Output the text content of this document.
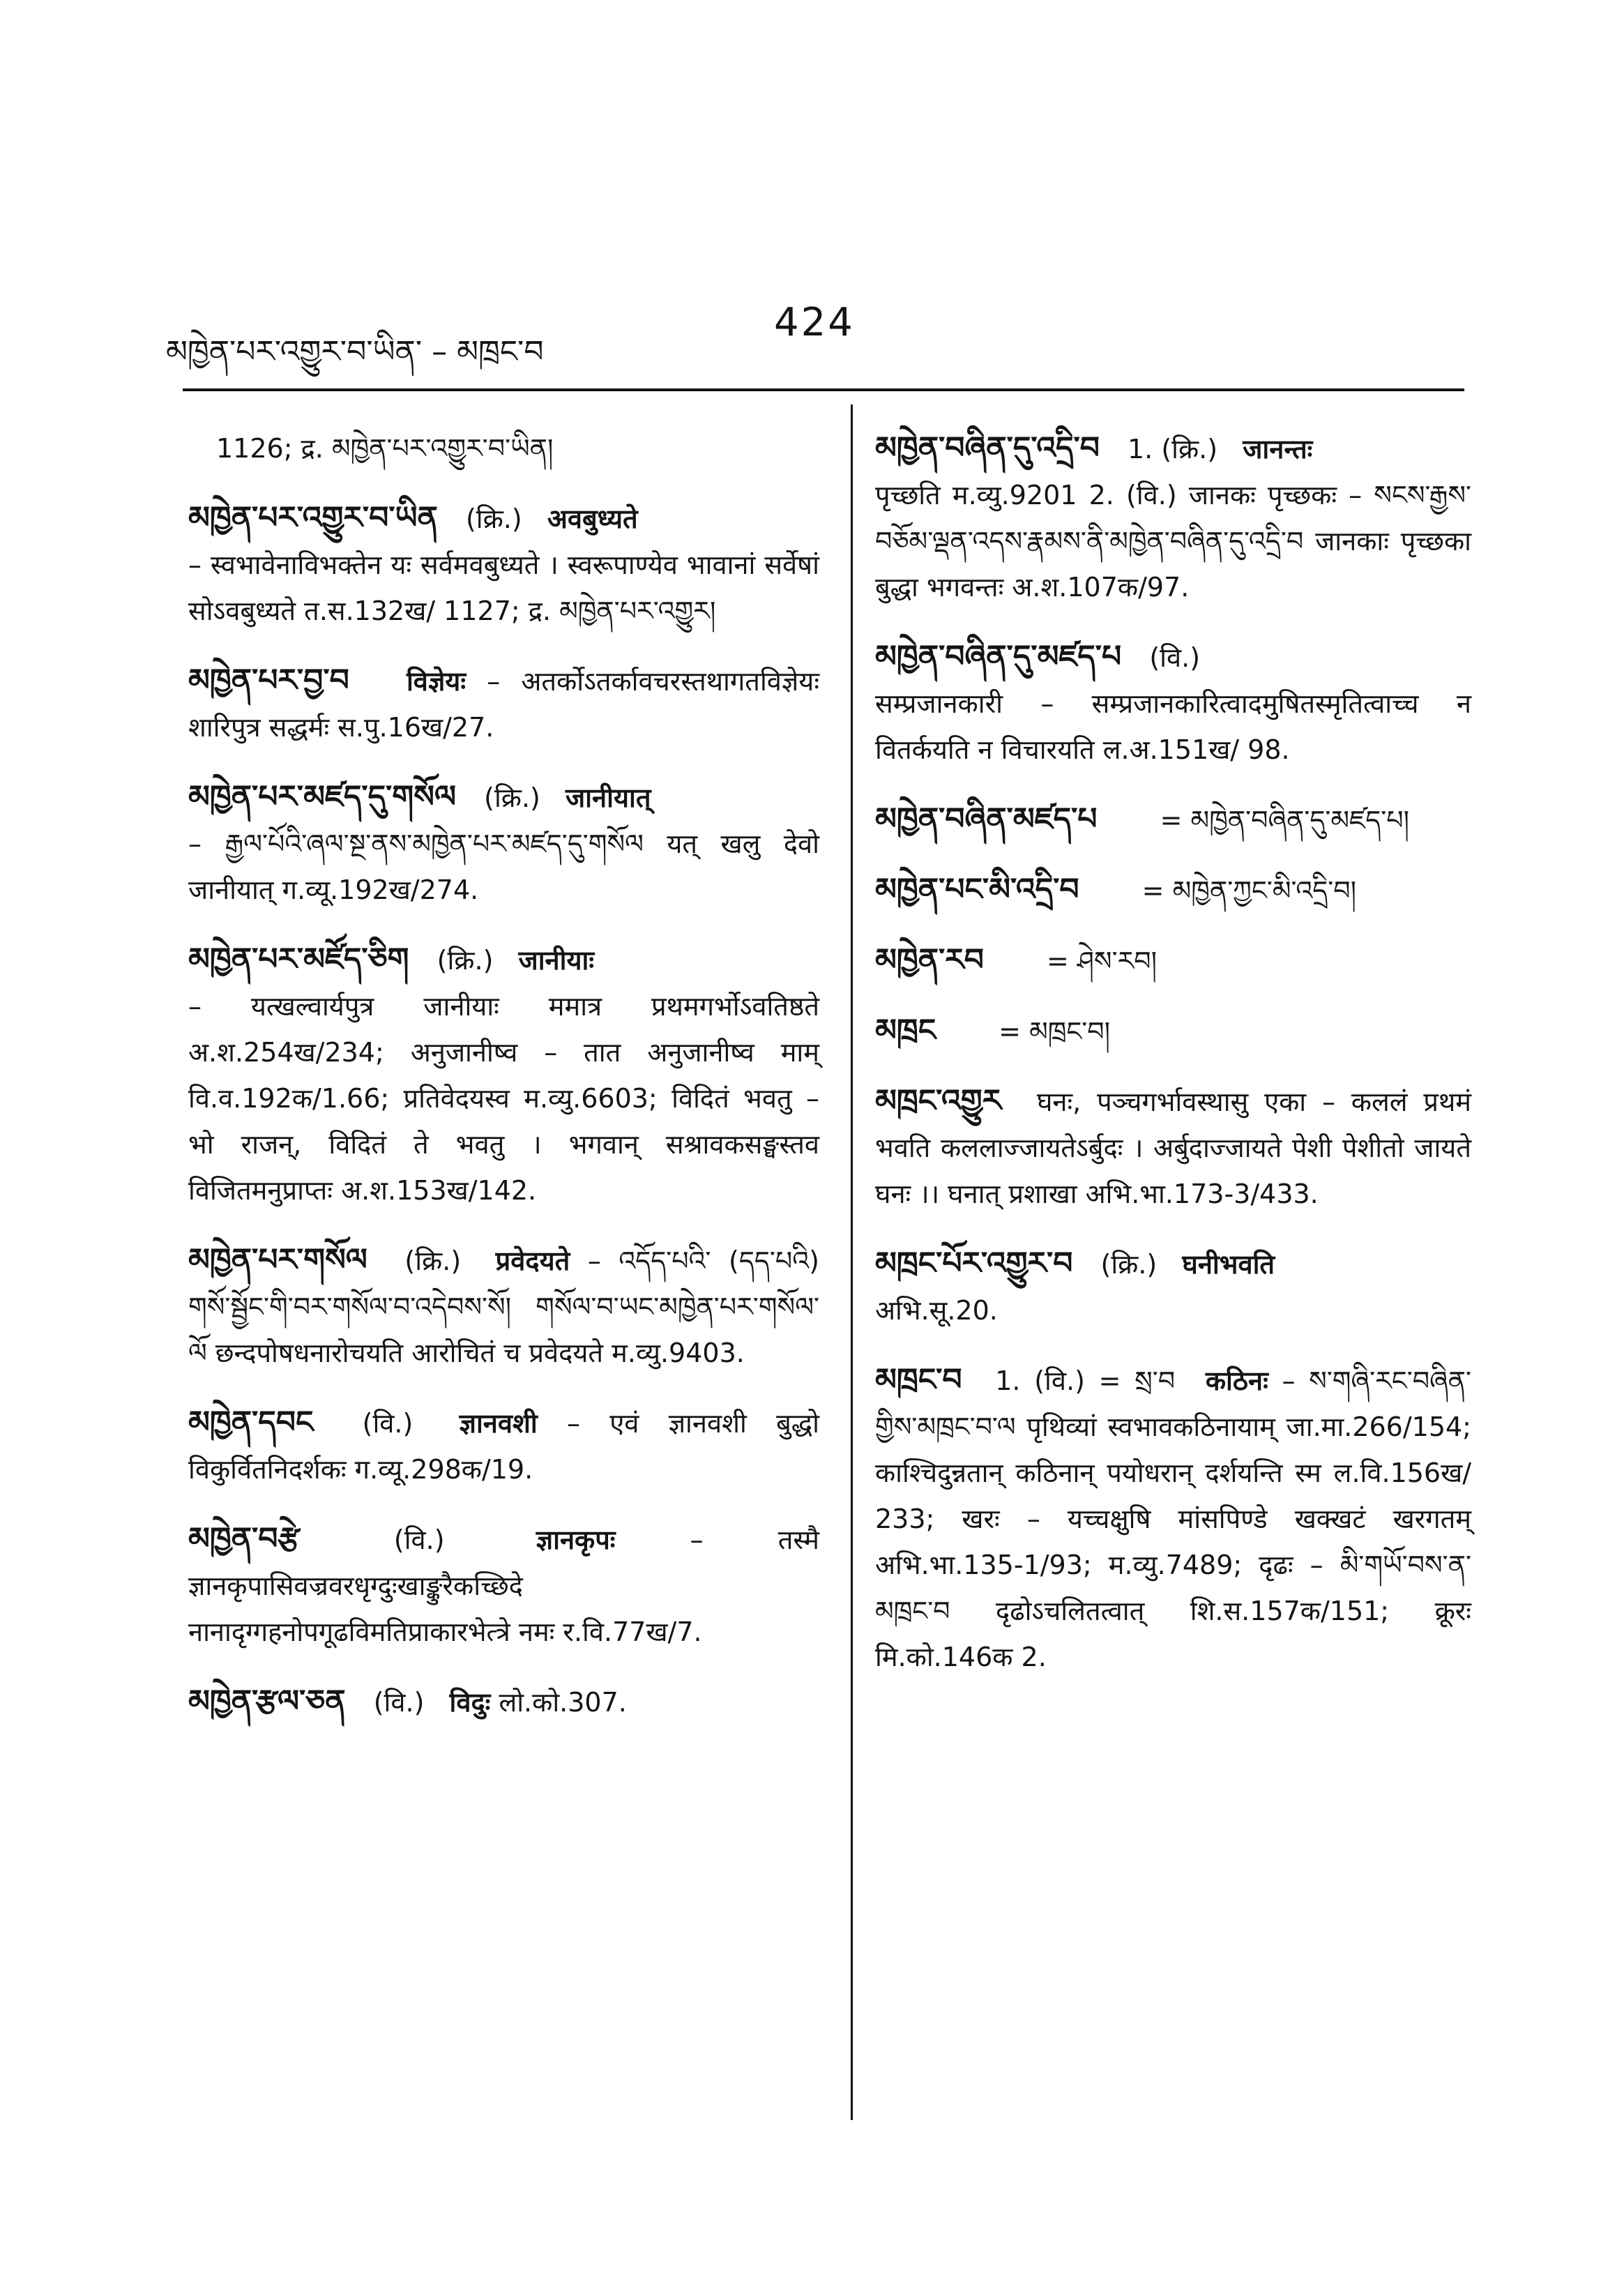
མཁྱེན་པར་འགྱུར་བ་ཡིན་ – མཁྲང་བ
424

1126; द्र. མཁྱེན་པར་འགྱུར་བ་ཡིན།

མཁྱེན་པར་འགྱུར་བ་ཡིན (क्रि.) अवबुध्यते
– स्वभावेनाविभक्तेन यः सर्वमवबुध्यते । स्वरूपाण्येव भावानां सर्वेषां सोऽवबुध्यते त.स.132ख/ 1127; द्र. མཁྱེན་པར་འགྱུར།

མཁྱེན་པར་བྱ་བ विज्ञेयः – अतर्कोऽतर्कावचरस्तथागतविज्ञेयः शारिपुत्र सद्धर्मः स.पु.16ख/27.

མཁྱེན་པར་མཛད་དུ་གསོལ (क्रि.) जानीयात्
– རྒྱལ་པོའི་ཞལ་སྔ་ནས་མཁྱེན་པར་མཛད་དུ་གསོལ यत् खलु देवो जानीयात् ग.व्यू.192ख/274.

མཁྱེན་པར་མཛོད་ཅིག (क्रि.) जानीयाः
– यत्खल्वार्यपुत्र जानीयाः ममात्र प्रथमगर्भोऽवतिष्ठते अ.श.254ख/234; अनुजानीष्व – तात अनुजानीष्व माम् वि.व.192क/1.66; प्रतिवेदयस्व म.व्यु.6603; विदितं भवतु – भो राजन्, विदितं ते भवतु । भगवान् सश्रावकसङ्घस्तव विजितमनुप्राप्तः अ.श.153ख/142.

མཁྱེན་པར་གསོལ (क्रि.) प्रवेदयते – འདོད་པའི་ (དད་པའི) གསོ་སྦྱོང་གི་བར་གསོལ་བ་འདེབས་སོ། གསོལ་བ་ཡང་མཁྱེན་པར་གསོལ་ལོ छन्दपोषधनारोचयति आरोचितं च प्रवेदयते म.व्यु.9403.

མཁྱེན་དབང (वि.) ज्ञानवशी – एवं ज्ञानवशी बुद्धो विकुर्वितनिदर्शकः ग.व्यू.298क/19.

མཁྱེན་བརྩེ	(वि.)	ज्ञानकृपः	– तस्मै ज्ञानकृपासिवज्रवरधृग्दुःखाङ्कुरैकच्छिदे नानादृग्गहनोपगूढविमतिप्राकारभेत्त्रे नमः र.वि.77ख/7.

མཁྱེན་རྩལ་ཅན (वि.) विदुः लो.को.307.

མཁྱེན་བཞིན་དུ་འདྲི་བ 1. (क्रि.) जानन्तः
पृच्छति म.व्यु.9201 2. (वि.) जानकः पृच्छकः – སངས་རྒྱས་བཅོམ་ལྡན་འདས་རྣམས་ནི་མཁྱེན་བཞིན་དུ་འདྲི་བ जानकाः पृच्छका बुद्धा भगवन्तः अ.श.107क/97.

མཁྱེན་བཞིན་དུ་མཛད་པ (वि.)
सम्प्रजानकारी – सम्प्रजानकारित्वादमुषितस्मृतित्वाच्च न वितर्कयति न विचारयति ल.अ.151ख/ 98.

མཁྱེན་བཞིན་མཛད་པ = མཁྱེན་བཞིན་དུ་མཛད་པ།

མཁྱེན་པང་མི་འདྲི་བ = མཁྱེན་ཀྱང་མི་འདྲི་བ།

མཁྱེན་རབ = ཤེས་རབ།

མཁྲང = མཁྲང་བ།

མཁྲང་འགྱུར घनः, पञ्चगर्भावस्थासु एका – कललं प्रथमं भवति कललाज्जायतेऽर्बुदः । अर्बुदाज्जायते पेशी पेशीतो जायते घनः ।। घनात् प्रशाखा अभि.भा.173-3/433.

མཁྲང་པོར་འགྱུར་བ (क्रि.) घनीभवति
अभि.सू.20.

མཁྲང་བ 1. (वि.) = སྲ་བ कठिनः – ས་གཞི་རང་བཞིན་གྱིས་མཁྲང་བ་ལ पृथिव्यां स्वभावकठिनायाम् जा.मा.266/154; काश्चिदुन्नतान् कठिनान् पयोधरान् दर्शयन्ति स्म ल.वि.156ख/ 233; खरः – यच्चक्षुषि मांसपिण्डे खक्खटं खरगतम् अभि.भा.135-1/93; म.व्यु.7489; दृढः – མི་གཡོ་བས་ན་མཁྲང་བ दृढोऽचलितत्वात् शि.स.157क/151; क्रूरः मि.को.146क 2.
